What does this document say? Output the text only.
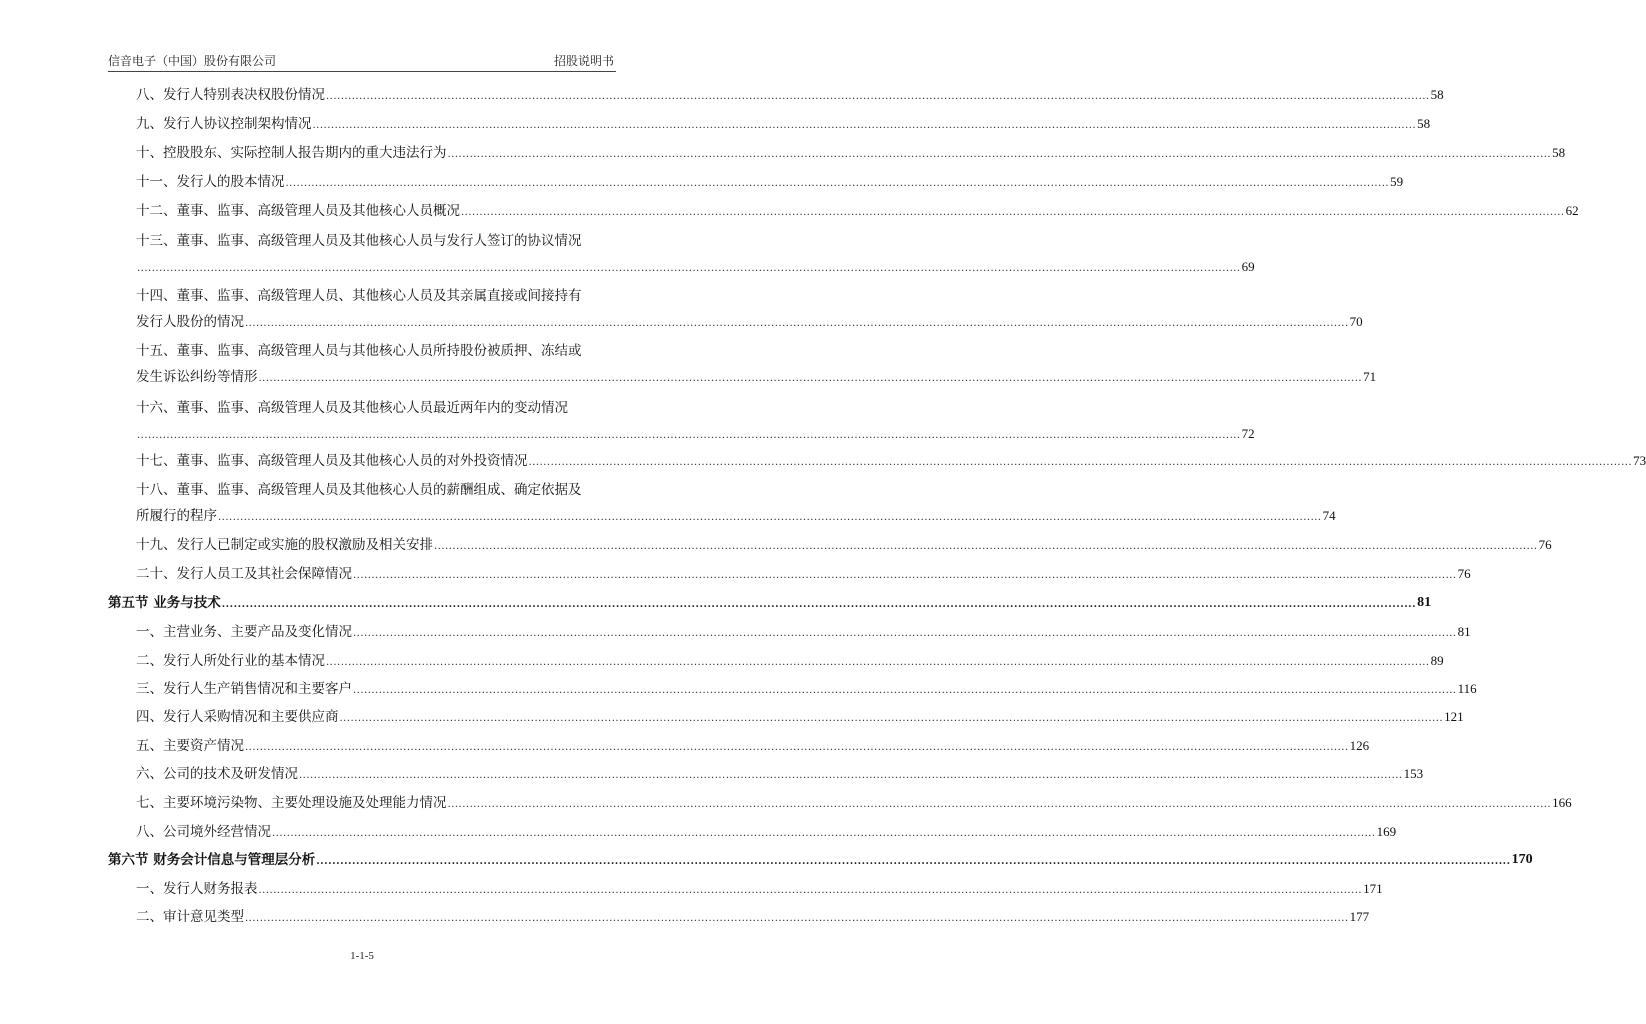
信音电子（中国）股份有限公司	招股说明书
八、发行人特别表决权股份情况 ............................................................................................................................................................................................................................................................................................................ 58
九、发行人协议控制架构情况 ............................................................................................................................................................................................................................................................................................................ 58
十、控股股东、实际控制人报告期内的重大违法行为 ............................................................................................................................................................................................................................................................................................................ 58
十一、发行人的股本情况 ............................................................................................................................................................................................................................................................................................................ 59
十二、董事、监事、高级管理人员及其他核心人员概况 ............................................................................................................................................................................................................................................................................................................ 62
十三、董事、监事、高级管理人员及其他核心人员与发行人签订的协议情况
............................................................................................................................................................................................................................................................................................................ 69
十四、董事、监事、高级管理人员、其他核心人员及其亲属直接或间接持有
发行人股份的情况 ............................................................................................................................................................................................................................................................................................................ 70
十五、董事、监事、高级管理人员与其他核心人员所持股份被质押、冻结或
发生诉讼纠纷等情形 ............................................................................................................................................................................................................................................................................................................ 71
十六、董事、监事、高级管理人员及其他核心人员最近两年内的变动情况
............................................................................................................................................................................................................................................................................................................ 72
十七、董事、监事、高级管理人员及其他核心人员的对外投资情况 ............................................................................................................................................................................................................................................................................................................ 73
十八、董事、监事、高级管理人员及其他核心人员的薪酬组成、确定依据及
所履行的程序 ............................................................................................................................................................................................................................................................................................................ 74
十九、发行人已制定或实施的股权激励及相关安排 ............................................................................................................................................................................................................................................................................................................ 76
二十、发行人员工及其社会保障情况 ............................................................................................................................................................................................................................................................................................................ 76
第五节 业务与技术 ............................................................................................................................................................................................................................................................................................................ 81
一、主营业务、主要产品及变化情况 ............................................................................................................................................................................................................................................................................................................ 81
二、发行人所处行业的基本情况 ............................................................................................................................................................................................................................................................................................................ 89
三、发行人生产销售情况和主要客户 ............................................................................................................................................................................................................................................................................................................ 116
四、发行人采购情况和主要供应商 ............................................................................................................................................................................................................................................................................................................ 121
五、主要资产情况 ............................................................................................................................................................................................................................................................................................................ 126
六、公司的技术及研发情况 ............................................................................................................................................................................................................................................................................................................ 153
七、主要环境污染物、主要处理设施及处理能力情况 ............................................................................................................................................................................................................................................................................................................ 166
八、公司境外经营情况 ............................................................................................................................................................................................................................................................................................................ 169
第六节 财务会计信息与管理层分析 ............................................................................................................................................................................................................................................................................................................ 170
一、发行人财务报表 ............................................................................................................................................................................................................................................................................................................ 171
二、审计意见类型 ............................................................................................................................................................................................................................................................................................................ 177
1-1-5
